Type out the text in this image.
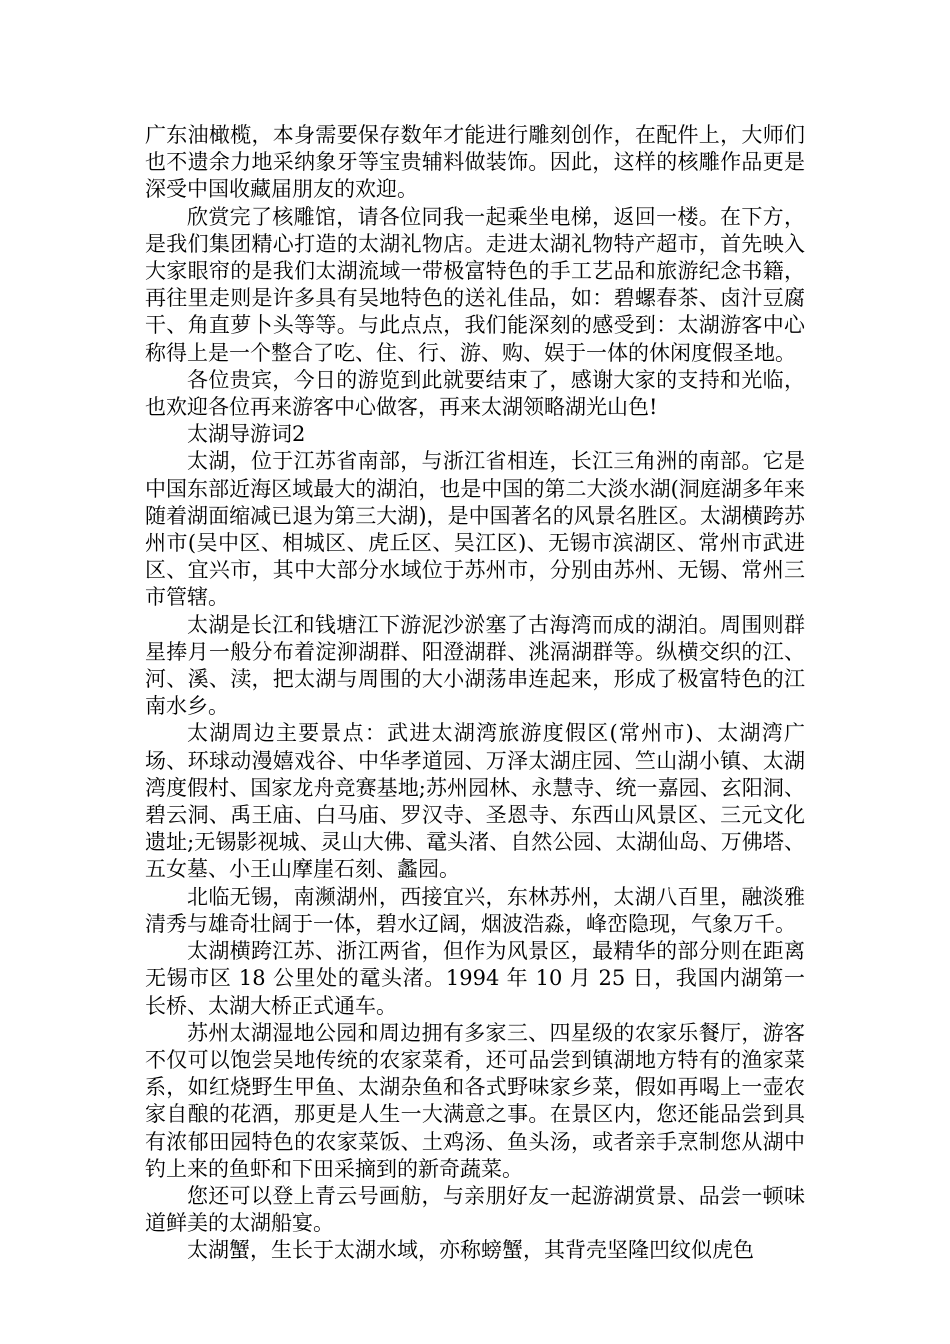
广东油橄榄，本身需要保存数年才能进行雕刻创作，在配件上，大师们也不遗余力地采纳象牙等宝贵辅料做装饰。因此，这样的核雕作品更是深受中国收藏届朋友的欢迎。

欣赏完了核雕馆，请各位同我一起乘坐电梯，返回一楼。在下方，是我们集团精心打造的太湖礼物店。走进太湖礼物特产超市，首先映入大家眼帘的是我们太湖流域一带极富特色的手工艺品和旅游纪念书籍，再往里走则是许多具有吴地特色的送礼佳品，如：碧螺春茶、卤汁豆腐干、角直萝卜头等等。与此点点，我们能深刻的感受到：太湖游客中心称得上是一个整合了吃、住、行、游、购、娱于一体的休闲度假圣地。

各位贵宾，今日的游览到此就要结束了，感谢大家的支持和光临，也欢迎各位再来游客中心做客，再来太湖领略湖光山色!

太湖导游词2

太湖，位于江苏省南部，与浙江省相连，长江三角洲的南部。它是中国东部近海区域最大的湖泊，也是中国的第二大淡水湖(洞庭湖多年来随着湖面缩减已退为第三大湖)，是中国著名的风景名胜区。太湖横跨苏州市(吴中区、相城区、虎丘区、吴江区)、无锡市滨湖区、常州市武进区、宜兴市，其中大部分水域位于苏州市，分别由苏州、无锡、常州三市管辖。

太湖是长江和钱塘江下游泥沙淤塞了古海湾而成的湖泊。周围则群星捧月一般分布着淀泖湖群、阳澄湖群、洮滆湖群等。纵横交织的江、河、溪、渎，把太湖与周围的大小湖荡串连起来，形成了极富特色的江南水乡。

太湖周边主要景点：武进太湖湾旅游度假区(常州市)、太湖湾广场、环球动漫嬉戏谷、中华孝道园、万泽太湖庄园、竺山湖小镇、太湖湾度假村、国家龙舟竞赛基地;苏州园林、永慧寺、统一嘉园、玄阳洞、碧云洞、禹王庙、白马庙、罗汉寺、圣恩寺、东西山风景区、三元文化遗址;无锡影视城、灵山大佛、鼋头渚、自然公园、太湖仙岛、万佛塔、五女墓、小王山摩崖石刻、蠡园。

北临无锡，南濒湖州，西接宜兴，东林苏州，太湖八百里，融淡雅清秀与雄奇壮阔于一体，碧水辽阔，烟波浩淼，峰峦隐现，气象万千。

太湖横跨江苏、浙江两省，但作为风景区，最精华的部分则在距离无锡市区 18 公里处的鼋头渚。1994 年 10 月 25 日，我国内湖第一长桥、太湖大桥正式通车。

苏州太湖湿地公园和周边拥有多家三、四星级的农家乐餐厅，游客不仅可以饱尝吴地传统的农家菜肴，还可品尝到镇湖地方特有的渔家菜系，如红烧野生甲鱼、太湖杂鱼和各式野味家乡菜，假如再喝上一壶农家自酿的花酒，那更是人生一大满意之事。在景区内，您还能品尝到具有浓郁田园特色的农家菜饭、土鸡汤、鱼头汤，或者亲手烹制您从湖中钓上来的鱼虾和下田采摘到的新奇蔬菜。

您还可以登上青云号画舫，与亲朋好友一起游湖赏景、品尝一顿味道鲜美的太湖船宴。

太湖蟹，生长于太湖水域，亦称螃蟹，其背壳坚隆凹纹似虎色
